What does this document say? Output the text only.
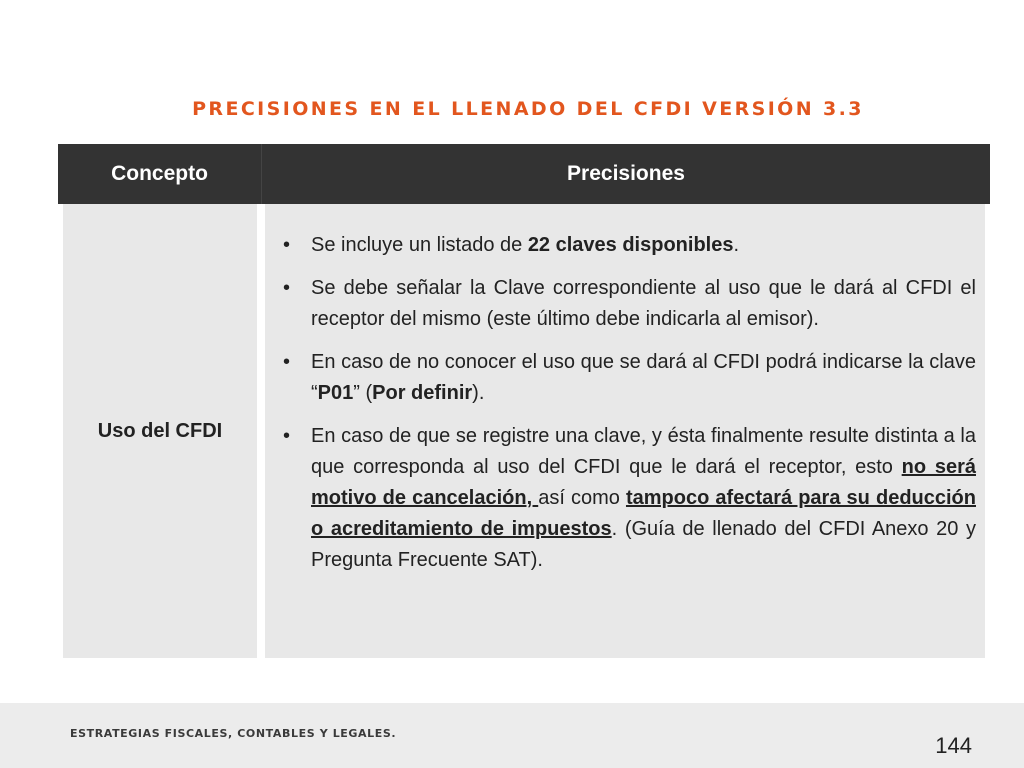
PRECISIONES EN EL LLENADO DEL CFDI VERSIÓN 3.3
Concepto	Precisiones
Uso del CFDI
• Se incluye un listado de 22 claves disponibles.
• Se debe señalar la Clave correspondiente al uso que le dará al CFDI el receptor del mismo (este último debe indicarla al emisor).
• En caso de no conocer el uso que se dará al CFDI podrá indicarse la clave “P01” (Por definir).
• En caso de que se registre una clave, y ésta finalmente resulte distinta a la que corresponda al uso del CFDI que le dará el receptor, esto no será motivo de cancelación, así como tampoco afectará para su deducción o acreditamiento de impuestos. (Guía de llenado del CFDI Anexo 20 y Pregunta Frecuente SAT).
ESTRATEGIAS FISCALES, CONTABLES Y LEGALES.	144
